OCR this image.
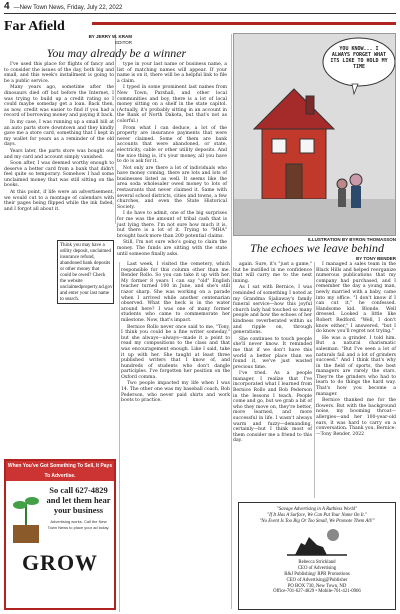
4 —New Town News, Friday, July 22, 2022
Far Afield
BY JERRY W. KRAM
EDITOR
You may already be a winner

I've used this place for flights of fancy and to consider the issues of the day, both big and small, and this week's installment is going to be a public service.

Many years ago, sometime after the dinosaurs died off but before the Internet, I was trying to build up a credit rating so I could maybe someday get a loan. Back then, as now, credit was easier to find if you had a record of borrowing money and paying it back.

In my case, I was running up a small bill at an auto parts store downtown and they kindly gave me a store card, something that I kept in my wallet for years as a reminder of the old days.

Years later, the parts store was bought out and my card and account simply vanished.

Soon after, I was deemed worthy enough to deserve a better card from a bank that didn't feel quite so temporary. Somehow I had some unclaimed money that was still sitting on the books.

At this point, if life were an advertisement, we would cut to a montage of calendars with their pages being flipped while the ink faded, and I forgot all about it.

type in your last name or business name, a list of matching names will appear. If your name is on it, there will be a helpful link to file a claim.

I typed in some prominent last names from New Town, Parshall, and other local communities and boy, there is a lot of local money sitting on a shelf in the state capitol. (Actually, it's probably sitting in an account in the Bank of North Dakota, but that's not as colorful.)

From what I can deduce, a lot of the property are insurance payments that were never claimed. Some of them are bank accounts that were abandoned, or state, electricity, cable or other utility deposits. And the nice thing is, it's your money, all you have to do is ask for it.

Not only are there a lot of individuals who have money coming, there are lots and lots of businesses listed as well. It seems like the area soda wholesaler owed money to lots of restaurants that never claimed it. Same with several school districts, cities and towns, a few churches, and even the State Historical Society.

I do have to admit, one of the big surprises for me was the amount of tribal cash that is just lying there. I'm not sure how much it is, but there is a lot of it. Trying to "MHA" brought back more than 200 potential claims.

Still, I'm not sure who's going to claim the money. The funds are sitting with the state until someone finally asks.

Think you may have a utility deposit, unclaimed insurance refund, abandoned bank deposits or other money that could be owed? Check the website unclaimedproperty.nd.gov and enter your last name to search.
YOU KNOW... I ALWAYS FORGET WHAT ITS LIKE TO HOLD MY TIME
ILLUSTRATION BY BYRON THOMASSON
The echoes we leave behind
BY TONY BENDER

Last week, I visited the cemetery, which responsible for this column other than me. Bender Rollo. So you can take it up with her. My former 8 years I can say "old" English teacher turned 100 in June, and she's still razor sharp. She was working on a parade when I arrived while another centenarian observed. What the heck is in the water around here? I was one of many former students who came to commemorate her milestone. Now, that's impact.

Bernice Rollo never once said to me, "Tony, I think you could be a fine writer someday," but she always—always—made it a point to read my compositions to the class and that was encouragement enough. Like I said, take it up with her. She taught at least three published writers that I know of, and hundreds of students who don't dangle participles. I've forgotten her position on the Oxford comma.

Two people impacted my life when I was 14. The other one was my baseball coach, Bob Pederson, who never paid shirts and work boots to practice.

again. Sure, it's "just a game," but he instilled in me confidence that will carry me to the next inning.

As I sat with Bernice, I was reminded of something I noted at my Grandma Sjaliaway's family funeral service—how this joyful church lady had touched so many people and how the echoes of her kindness reverberated within us and ripple on, through generations.

She continues to touch people she'll never know. It reminded me that if we don't have this world a better place than we found it, we've just wasted precious time.

I've tried. As a people manager, I realize that I've incorporated what I learned from Bernice Rollo and Bob Pederson in the lessons I teach. People come and go, but we grab a bit of who they move on, they're better, more learned, and more successful in life. I wasn't always warm and fuzzy—demanding, certainly—but I think most of them consider me a friend to this day.

I managed a sales team in the Black Hills and helped reorganize numerous publications that my company had purchased, and I remember the day a young man, newly married with a baby, came into my office. "I don't know if I can cut it," he confessed. Handsome kid. Blonde. Well dressed. Looked a little like Robert Redford. "Well, I don't know either," I answered, "but I do know you'll regret not trying."

He was a grinder. I told him. But a natural charismatic salesman. "But I've seen a lot of naturals fail and a lot of grinders succeed." And I think that's why in the field of sports, the best managers are rarely the stars. They're the grinders who had to learn to do things the hard way. That's how you become a manager.

Bernice thanked me for the flowers. But with the background noise, my booming throat—allergies—and her 100-year-old ears, it was hard to carry on a conversation. Thank you, Bernice. —Tony Bender, 2022

When You've Got Something To Sell, It Pays To Advertise.
So call 627-4829 and let them hear your business
Advertising works. Call the New Town News to place your ad today.
GROW
"Savage Advertising in A Ruthless World"
"If It Has A Surface, We Can Put Your Name On It."
"No Event Is Too Big Or Too Small, We Promote Them All!"
Rebecca Strickland
CEO of Advertising
R&J Publishing/ RPR Promotions
CEO of Advertising@Publisher
PO BOX 730, New Town, ND
Office-701-627-4829 • Mobile-701-421-0966
